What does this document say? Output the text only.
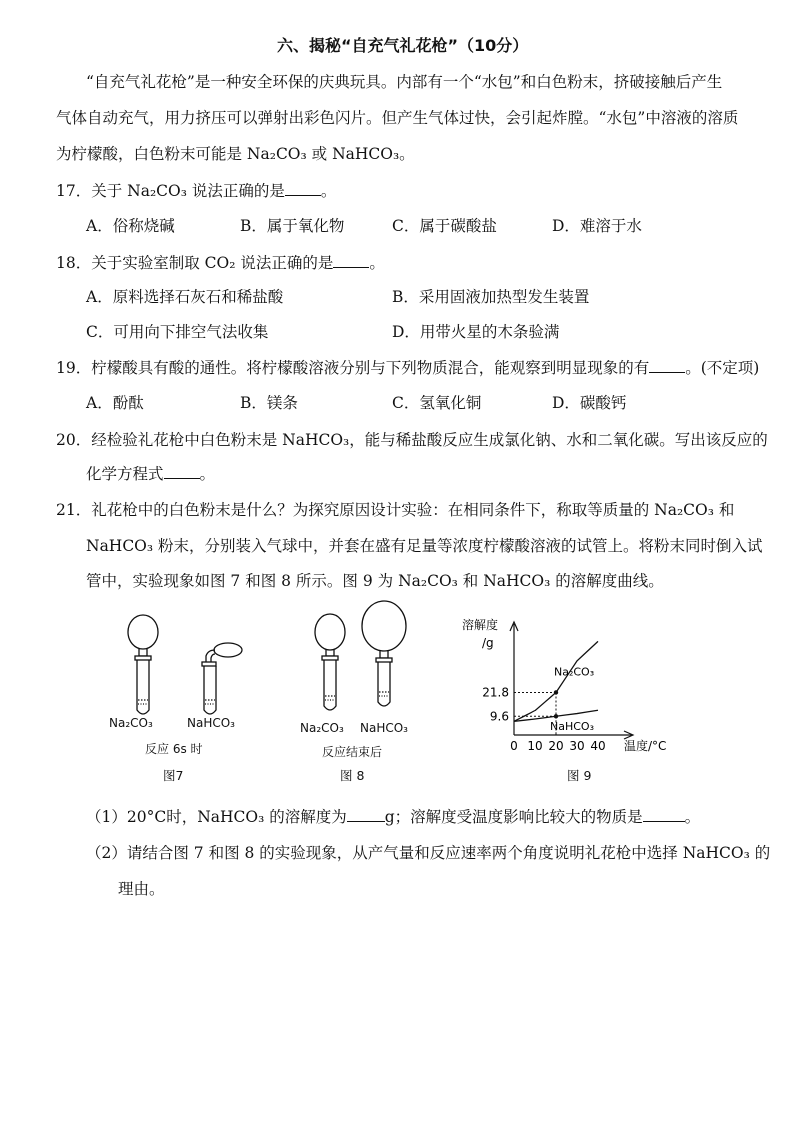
六、揭秘“自充气礼花枪”（10分）
“自充气礼花枪”是一种安全环保的庆典玩具。内部有一个“水包”和白色粉末，挤破接触后产生
气体自动充气，用力挤压可以弹射出彩色闪片。但产生气体过快，会引起炸膛。“水包”中溶液的溶质
为柠檬酸，白色粉末可能是 Na₂CO₃ 或 NaHCO₃。
17．关于 Na₂CO₃ 说法正确的是 。
A．俗称烧碱	B．属于氧化物	C．属于碳酸盐	D．难溶于水
18．关于实验室制取 CO₂ 说法正确的是 。
A．原料选择石灰石和稀盐酸	B．采用固液加热型发生装置
C．可用向下排空气法收集	D．用带火星的木条验满
19．柠檬酸具有酸的通性。将柠檬酸溶液分别与下列物质混合，能观察到明显现象的有 。(不定项)
A．酚酞	B．镁条	C．氢氧化铜	D．碳酸钙
20．经检验礼花枪中白色粉末是 NaHCO₃，能与稀盐酸反应生成氯化钠、水和二氧化碳。写出该反应的
化学方程式 。
21．礼花枪中的白色粉末是什么？为探究原因设计实验：在相同条件下，称取等质量的 Na₂CO₃ 和
NaHCO₃ 粉末，分别装入气球中，并套在盛有足量等浓度柠檬酸溶液的试管上。将粉末同时倒入试
管中，实验现象如图 7 和图 8 所示。图 9 为 Na₂CO₃ 和 NaHCO₃ 的溶解度曲线。
Na₂CO₃	NaHCO₃
反应 6s 时
图7
Na₂CO₃ NaHCO₃
反应结束后
图 8
溶解度
/g
温度/°C
0 10 20 30 40
Na₂CO₃
NaHCO₃
21.8
9.6
图 9
（1）20°C时，NaHCO₃ 的溶解度为 g；溶解度受温度影响比较大的物质是	。
（2）请结合图 7 和图 8 的实验现象，从产气量和反应速率两个角度说明礼花枪中选择 NaHCO₃ 的
理由。
